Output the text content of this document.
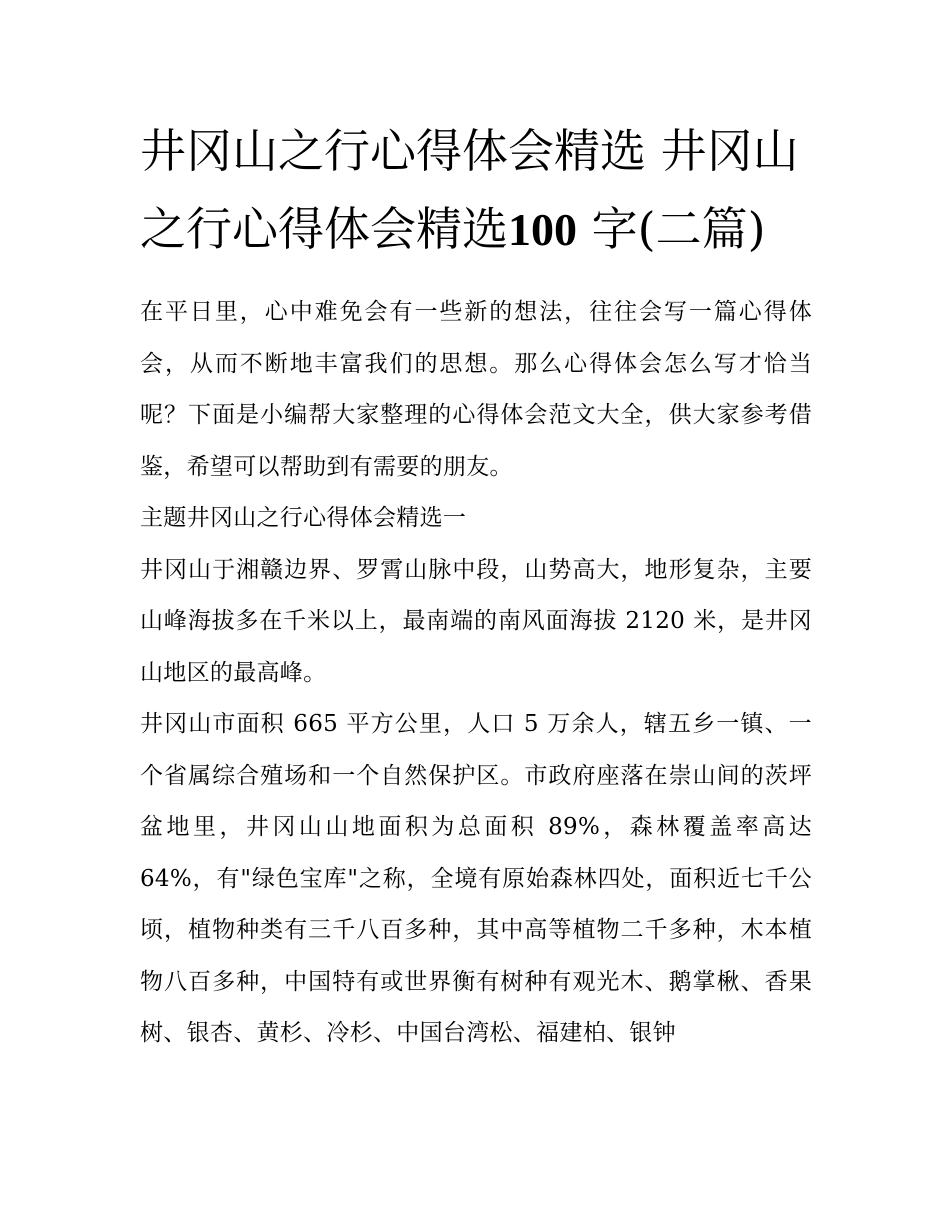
井冈山之行心得体会精选 井冈山之行心得体会精选100 字(二篇)

在平日里，心中难免会有一些新的想法，往往会写一篇心得体会，从而不断地丰富我们的思想。那么心得体会怎么写才恰当呢？下面是小编帮大家整理的心得体会范文大全，供大家参考借鉴，希望可以帮助到有需要的朋友。

主题井冈山之行心得体会精选一

井冈山于湘赣边界、罗霄山脉中段，山势高大，地形复杂，主要山峰海拔多在千米以上，最南端的南风面海拔 2120 米，是井冈山地区的最高峰。

井冈山市面积 665 平方公里，人口 5 万余人，辖五乡一镇、一个省属综合殖场和一个自然保护区。市政府座落在崇山间的茨坪盆地里，井冈山山地面积为总面积 89%，森林覆盖率高达 64%，有"绿色宝库"之称，全境有原始森林四处，面积近七千公顷，植物种类有三千八百多种，其中高等植物二千多种，木本植物八百多种，中国特有或世界衡有树种有观光木、鹅掌楸、香果树、银杏、黄杉、冷杉、中国台湾松、福建柏、银钟
